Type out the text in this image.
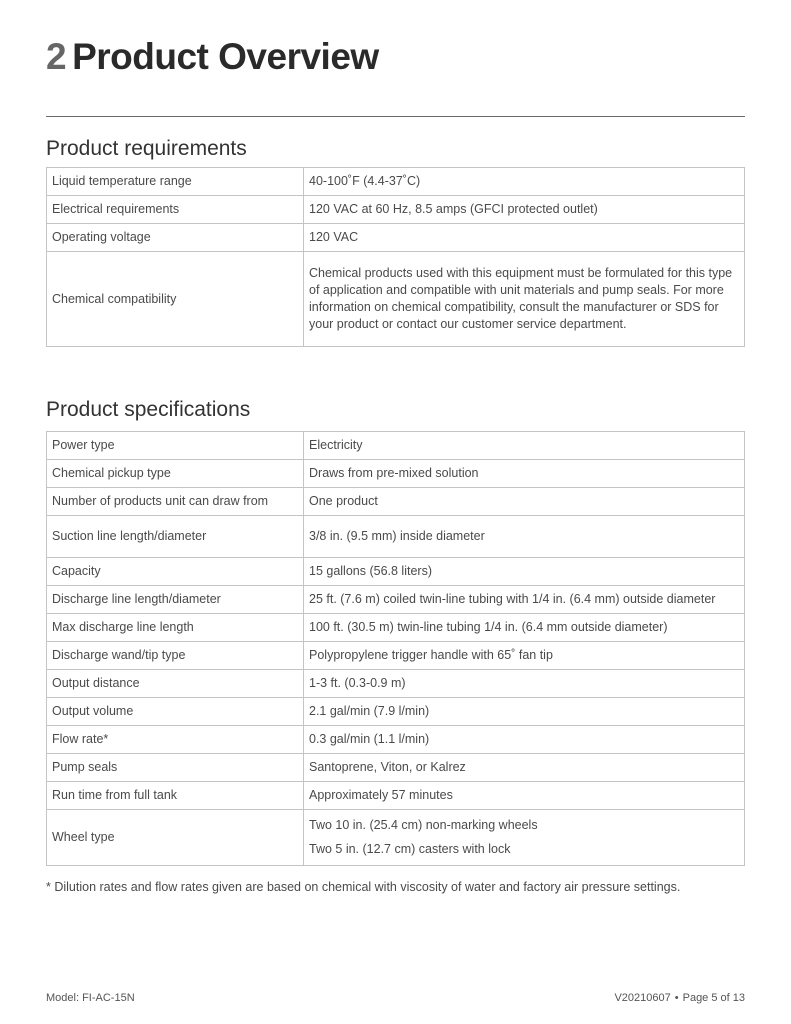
2 Product Overview
Product requirements
Liquid temperature range	40-100˚F (4.4-37˚C)
Electrical requirements	120 VAC at 60 Hz, 8.5 amps (GFCI protected outlet)
Operating voltage	120 VAC
Chemical compatibility	Chemical products used with this equipment must be formulated for this type of application and compatible with unit materials and pump seals. For more information on chemical compatibility, consult the manufacturer or SDS for your product or contact our customer service department.
Product specifications
Power type	Electricity
Chemical pickup type	Draws from pre-mixed solution
Number of products unit can draw from	One product
Suction line length/diameter	3/8 in. (9.5 mm) inside diameter
Capacity	15 gallons (56.8 liters)
Discharge line length/diameter	25 ft. (7.6 m) coiled twin-line tubing with 1/4 in. (6.4 mm) outside diameter
Max discharge line length	100 ft. (30.5 m) twin-line tubing 1/4 in. (6.4 mm outside diameter)
Discharge wand/tip type	Polypropylene trigger handle with 65˚ fan tip
Output distance	1-3 ft. (0.3-0.9 m)
Output volume	2.1 gal/min (7.9 l/min)
Flow rate*	0.3 gal/min (1.1 l/min)
Pump seals	Santoprene, Viton, or Kalrez
Run time from full tank	Approximately 57 minutes
Wheel type	Two 10 in. (25.4 cm) non-marking wheels
Two 5 in. (12.7 cm) casters with lock
* Dilution rates and flow rates given are based on chemical with viscosity of water and factory air pressure settings.
Model: FI-AC-15N	V20210607 • Page 5 of 13
